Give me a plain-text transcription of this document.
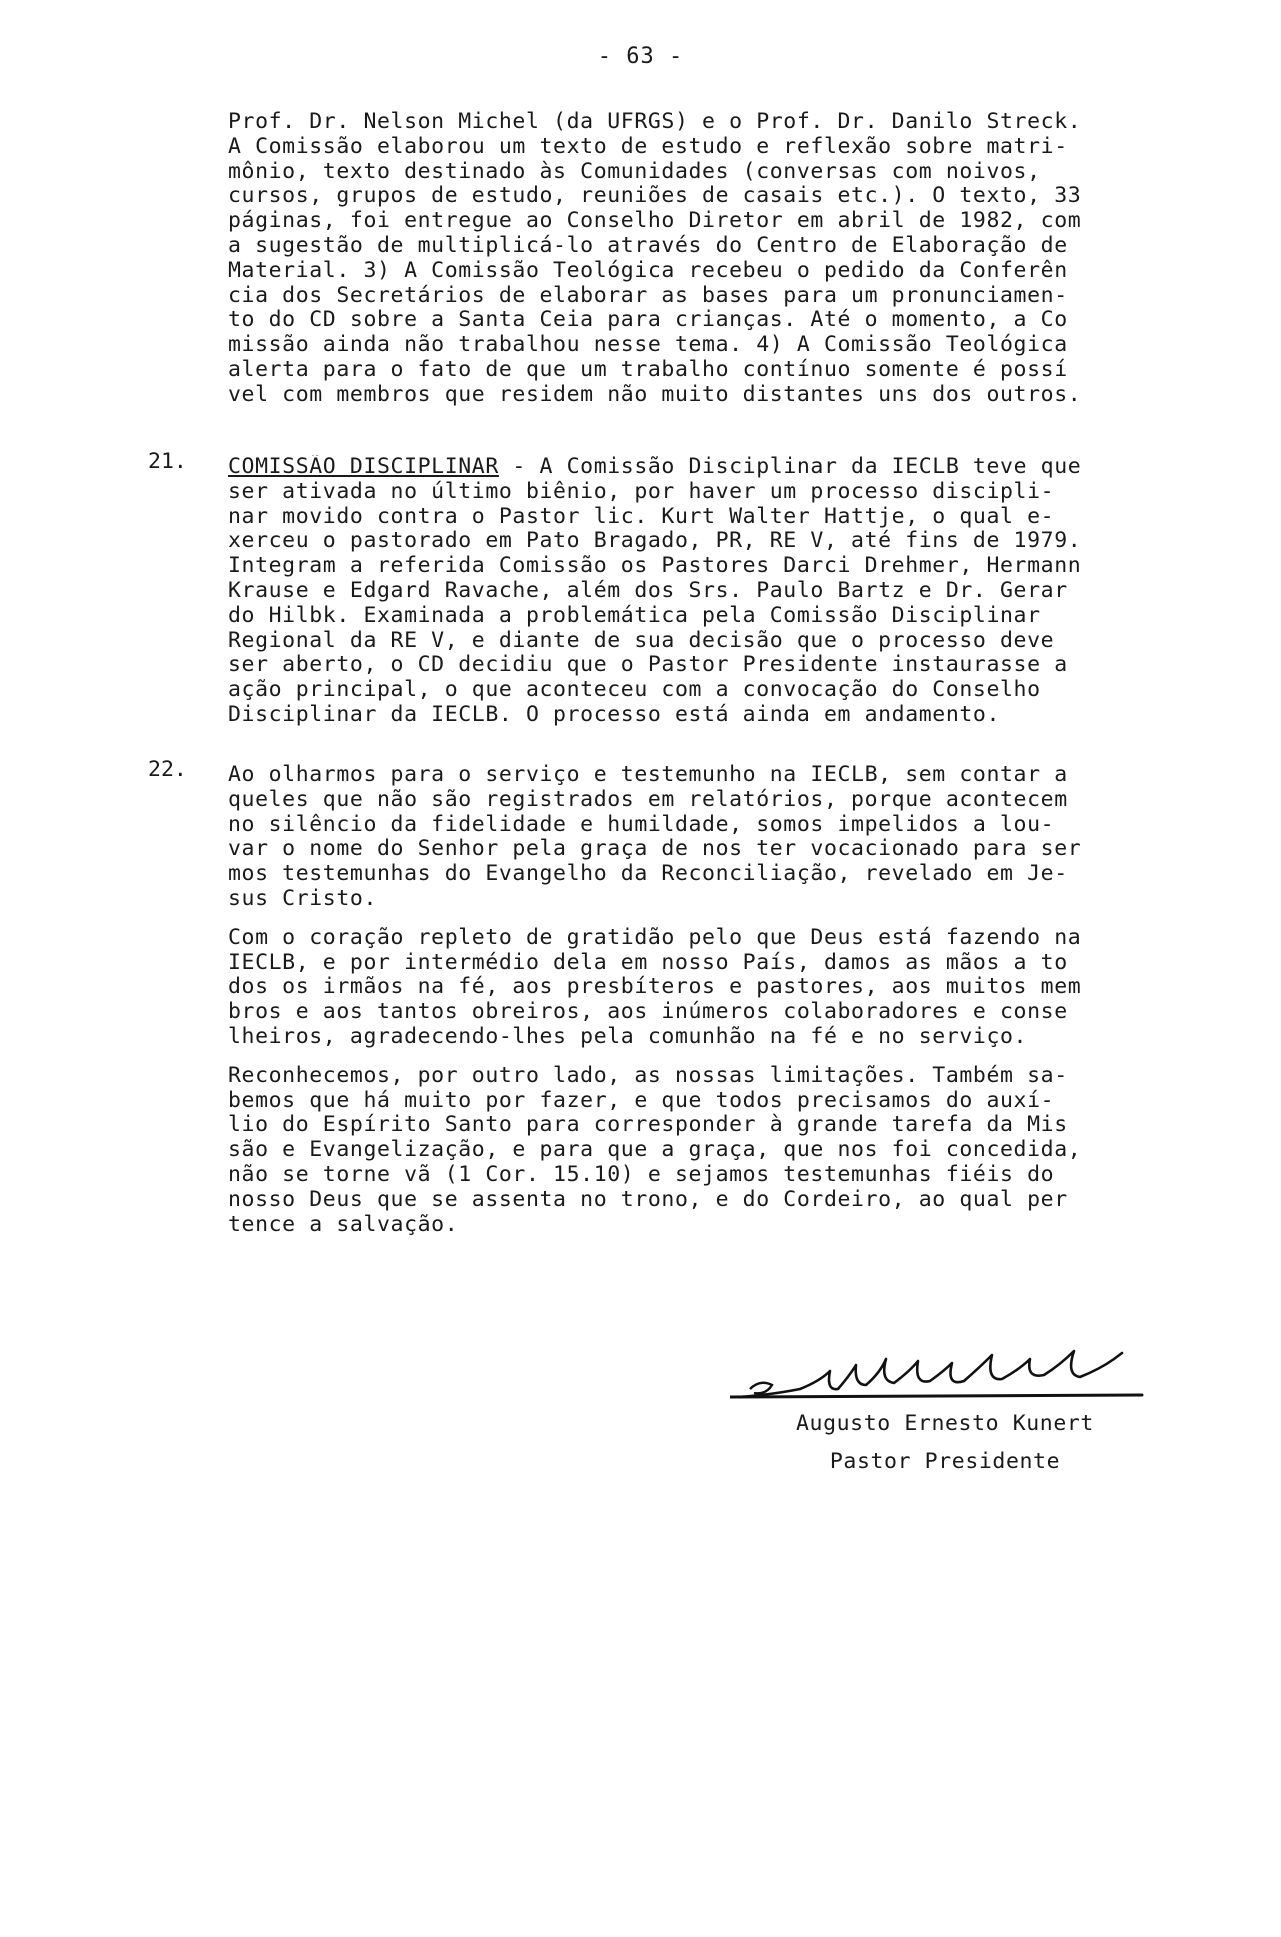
- 63 -
Prof. Dr. Nelson Michel (da UFRGS) e o Prof. Dr. Danilo Streck.
A Comissão elaborou um texto de estudo e reflexão sobre matri-
mônio, texto destinado às Comunidades (conversas com noivos,
cursos, grupos de estudo, reuniões de casais etc.). O texto, 33
páginas, foi entregue ao Conselho Diretor em abril de 1982, com
a sugestão de multiplicá-lo através do Centro de Elaboração de
Material. 3) A Comissão Teológica recebeu o pedido da Conferên
cia dos Secretários de elaborar as bases para um pronunciamen-
to do CD sobre a Santa Ceia para crianças. Até o momento, a Co
missão ainda não trabalhou nesse tema. 4) A Comissão Teológica
alerta para o fato de que um trabalho contínuo somente é possí
vel com membros que residem não muito distantes uns dos outros.
21. COMISSÃO DISCIPLINAR - A Comissão Disciplinar da IECLB teve que
ser ativada no último biênio, por haver um processo discipli-
nar movido contra o Pastor lic. Kurt Walter Hattje, o qual e-
xerceu o pastorado em Pato Bragado, PR, RE V, até fins de 1979.
Integram a referida Comissão os Pastores Darci Drehmer, Hermann
Krause e Edgard Ravache, além dos Srs. Paulo Bartz e Dr. Gerar
do Hilbk. Examinada a problemática pela Comissão Disciplinar
Regional da RE V, e diante de sua decisão que o processo deve
ser aberto, o CD decidiu que o Pastor Presidente instaurasse a
ação principal, o que aconteceu com a convocação do Conselho
Disciplinar da IECLB. O processo está ainda em andamento.
22. Ao olharmos para o serviço e testemunho na IECLB, sem contar a
queles que não são registrados em relatórios, porque acontecem
no silêncio da fidelidade e humildade, somos impelidos a lou-
var o nome do Senhor pela graça de nos ter vocacionado para ser
mos testemunhas do Evangelho da Reconciliação, revelado em Je-
sus Cristo.
Com o coração repleto de gratidão pelo que Deus está fazendo na
IECLB, e por intermédio dela em nosso País, damos as mãos a to
dos os irmãos na fé, aos presbíteros e pastores, aos muitos mem
bros e aos tantos obreiros, aos inúmeros colaboradores e conse
lheiros, agradecendo-lhes pela comunhão na fé e no serviço.
Reconhecemos, por outro lado, as nossas limitações. Também sa-
bemos que há muito por fazer, e que todos precisamos do auxí-
lio do Espírito Santo para corresponder à grande tarefa da Mis
são e Evangelização, e para que a graça, que nos foi concedida,
não se torne vã (1 Cor. 15.10) e sejamos testemunhas fiéis do
nosso Deus que se assenta no trono, e do Cordeiro, ao qual per
tence a salvação.
Augusto Ernesto Kunert
Pastor Presidente
